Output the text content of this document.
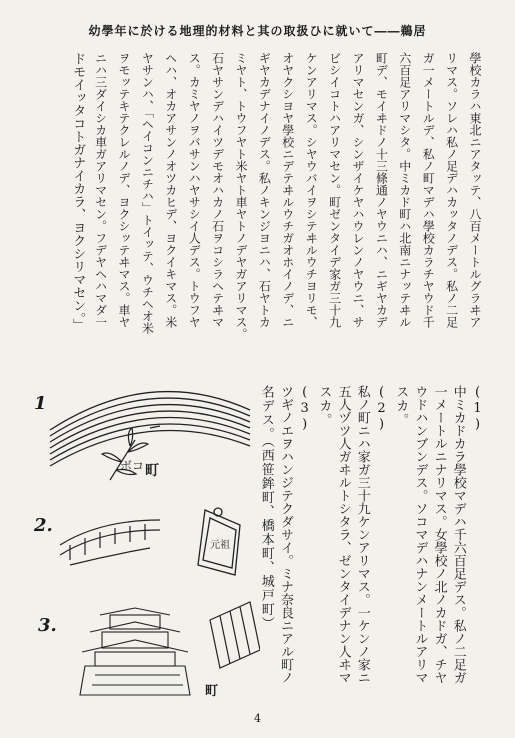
幼學年に於ける地理的材料と其の取扱ひに就いて――鵜居
學校カラハ東北ニアタッテ、八百メートルグラヰア
リマス。ソレハ私ノ足デハカッタノデス。私ノ二足
ガ一メートルデ、私ノ町マデハ學校カラチヤウド千
六百足アリマシタ。中ミカド町ハ北南ニナッテヰル
町デ、モイヰドノ十三條通ノヤウニハ、ニギヤカデ
アリマセンガ、シンザイケヤハウレンノヤウニ、サ
ビシイコトハアリマセン。町ゼンタイデ家ガ三十九
ケンアリマス。シヤウバイヲシテヰルウチヨリモ、
オヤクシヨヤ學校ニデテヰルウチガオホイノデ、ニ
ギヤカデナイノデス。私ノキンジヨニハ、石ヤトカ
ミヤト、トウフヤト米ヤト車ヤトノデヤガアリマス。
石ヤサンデハイツデモオハカノ石ヲコシラヘテヰマ
ス。カミヤノヲバサンハヤサシイ人デス。トウフヤ
ヘハ、オカアサンノオツカヒデ、ヨクイキマス。米
ヤサンハ、「ヘイコンニチハ」トイッテ、ウチヘオ米
ヲモッテキテクレルノデ、ヨクシッテヰマス。車ヤ
ニハ三ダイシカ車ガアリマセン。フデヤヘハマダ一
ドモイッタコトガナイカラ、ヨクシリマセン。」
(1)
中ミカドカラ學校マデハ千六百足デス。私ノ二足ガ
一メートルニナリマス。女學校ノ北ノカドガ、チヤ
ウドハンブンデス。ソコマデハナンメートルアリマ
スカ。
(2)
私ノ町ニハ家ガ三十九ケンアリマス。一ケンノ家ニ
五人ヅツ人ガヰルトシタラ、ゼンタイデナン人ヰマ
スカ。
(3)
ツギノエヲハンジテクダサイ。ミナ奈良ニアル町ノ
名デス。（西笹鉾町、橋本町、城戸町）
1
2.
3.
ボコ 町
元祖
町
4
